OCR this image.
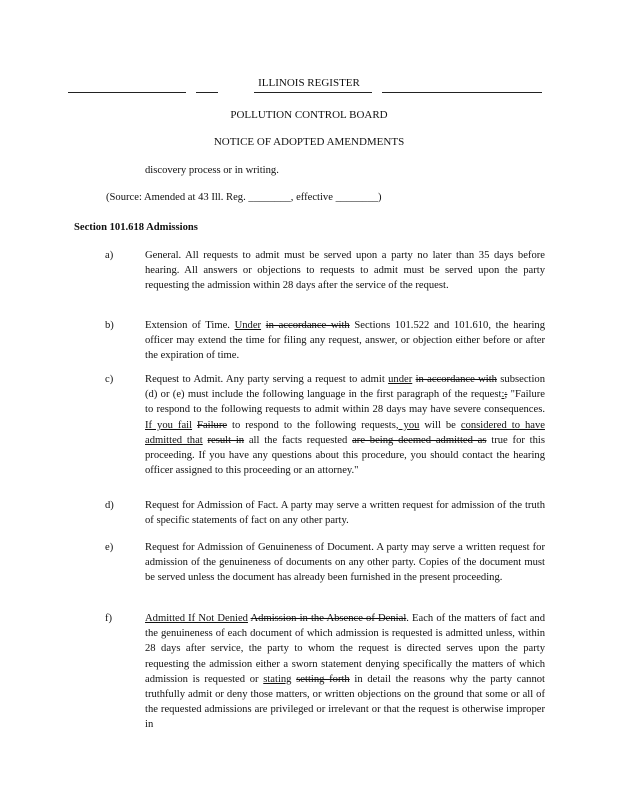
ILLINOIS REGISTER
POLLUTION CONTROL BOARD
NOTICE OF ADOPTED AMENDMENTS
discovery process or in writing.
(Source: Amended at 43 Ill. Reg. ________, effective ________)
Section 101.618 Admissions
a)	General. All requests to admit must be served upon a party no later than 35 days before hearing. All answers or objections to requests to admit must be served upon the party requesting the admission within 28 days after the service of the request.
b)	Extension of Time. Under in accordance with Sections 101.522 and 101.610, the hearing officer may extend the time for filing any request, answer, or objection either before or after the expiration of time.
c)	Request to Admit. Any party serving a request to admit under in accordance with subsection (d) or (e) must include the following language in the first paragraph of the request:; "Failure to respond to the following requests to admit within 28 days may have severe consequences. If you fail Failure to respond to the following requests, you will be considered to have admitted that result in all the facts requested are being deemed admitted as true for this proceeding. If you have any questions about this procedure, you should contact the hearing officer assigned to this proceeding or an attorney."
d)	Request for Admission of Fact. A party may serve a written request for admission of the truth of specific statements of fact on any other party.
e)	Request for Admission of Genuineness of Document. A party may serve a written request for admission of the genuineness of documents on any other party. Copies of the document must be served unless the document has already been furnished in the present proceeding.
f)	Admitted If Not Denied Admission in the Absence of Denial. Each of the matters of fact and the genuineness of each document of which admission is requested is admitted unless, within 28 days after service, the party to whom the request is directed serves upon the party requesting the admission either a sworn statement denying specifically the matters of which admission is requested or stating setting forth in detail the reasons why the party cannot truthfully admit or deny those matters, or written objections on the ground that some or all of the requested admissions are privileged or irrelevant or that the request is otherwise improper in
